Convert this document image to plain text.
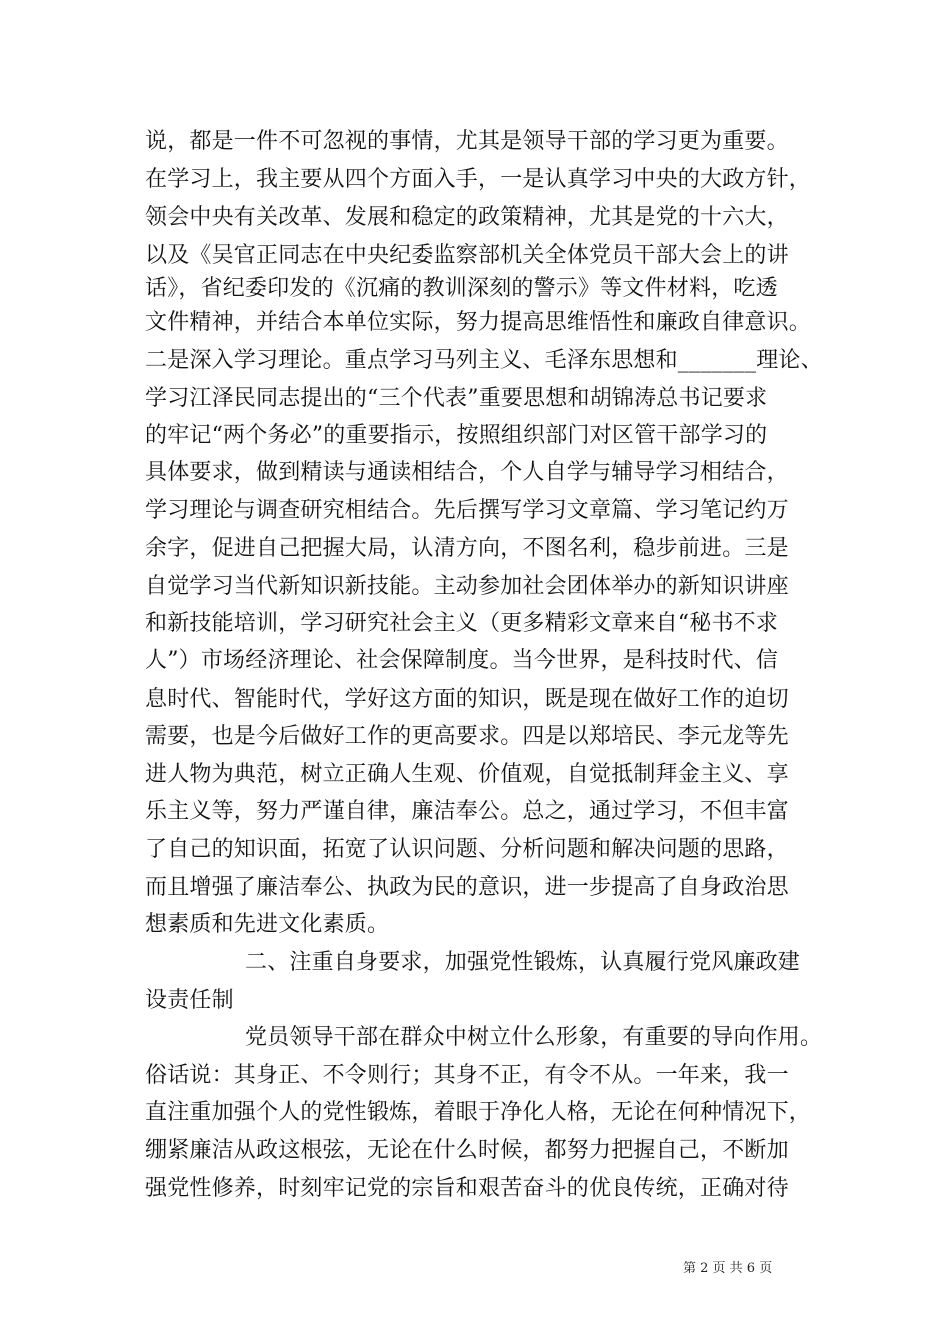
说，都是一件不可忽视的事情，尤其是领导干部的学习更为重要。
在学习上，我主要从四个方面入手，一是认真学习中央的大政方针，
领会中央有关改革、发展和稳定的政策精神，尤其是党的十六大，
以及《吴官正同志在中央纪委监察部机关全体党员干部大会上的讲
话》，省纪委印发的《沉痛的教训深刻的警示》等文件材料，吃透
文件精神，并结合本单位实际，努力提高思维悟性和廉政自律意识。
二是深入学习理论。重点学习马列主义、毛泽东思想和_______理论、
学习江泽民同志提出的“三个代表”重要思想和胡锦涛总书记要求
的牢记“两个务必”的重要指示，按照组织部门对区管干部学习的
具体要求，做到精读与通读相结合，个人自学与辅导学习相结合，
学习理论与调查研究相结合。先后撰写学习文章篇、学习笔记约万
余字，促进自己把握大局，认清方向，不图名利，稳步前进。三是
自觉学习当代新知识新技能。主动参加社会团体举办的新知识讲座
和新技能培训，学习研究社会主义（更多精彩文章来自“秘书不求
人”）市场经济理论、社会保障制度。当今世界，是科技时代、信
息时代、智能时代，学好这方面的知识，既是现在做好工作的迫切
需要，也是今后做好工作的更高要求。四是以郑培民、李元龙等先
进人物为典范，树立正确人生观、价值观，自觉抵制拜金主义、享
乐主义等，努力严谨自律，廉洁奉公。总之，通过学习，不但丰富
了自己的知识面，拓宽了认识问题、分析问题和解决问题的思路，
而且增强了廉洁奉公、执政为民的意识，进一步提高了自身政治思
想素质和先进文化素质。
二、注重自身要求，加强党性锻炼，认真履行党风廉政建
设责任制
党员领导干部在群众中树立什么形象，有重要的导向作用。
俗话说：其身正、不令则行；其身不正，有令不从。一年来，我一
直注重加强个人的党性锻炼，着眼于净化人格，无论在何种情况下，
绷紧廉洁从政这根弦，无论在什么时候，都努力把握自己，不断加
强党性修养，时刻牢记党的宗旨和艰苦奋斗的优良传统，正确对待
第 2 页 共 6 页
